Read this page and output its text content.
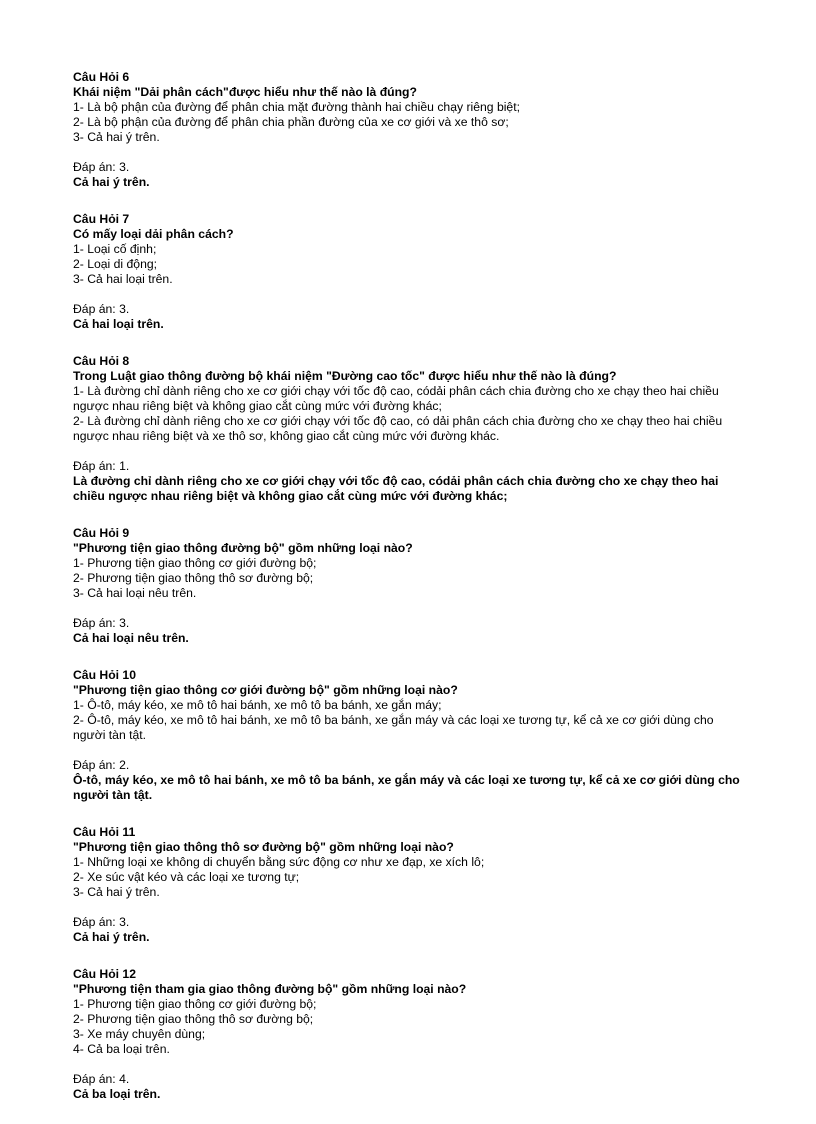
Câu Hỏi 6
Khái niệm "Dải phân cách"được hiểu như thế nào là đúng?
1- Là bộ phận của đường để phân chia mặt đường thành hai chiều chạy riêng biệt;
2- Là bộ phận của đường để phân chia phần đường của xe cơ giới và xe thô sơ;
3- Cả hai ý trên.
Đáp án: 3.
Cả hai ý trên.
Câu Hỏi 7
Có mấy loại dải phân cách?
1- Loại cố định;
2- Loại di động;
3- Cả hai loại trên.
Đáp án: 3.
Cả hai loại trên.
Câu Hỏi 8
Trong Luật giao thông đường bộ khái niệm "Đường cao tốc" được hiểu như thế nào là đúng?
1- Là đường chỉ dành riêng cho xe cơ giới chạy với tốc độ cao, códải phân cách chia đường cho xe chạy theo hai chiều ngược nhau riêng biệt và không giao cắt cùng mức với đường khác;
2- Là đường chỉ dành riêng cho xe cơ giới chạy với tốc độ cao, có dải phân cách chia đường cho xe chạy theo hai chiều ngược nhau riêng biệt và xe thô sơ, không giao cắt cùng mức với đường khác.
Đáp án: 1.
Là đường chỉ dành riêng cho xe cơ giới chạy với tốc độ cao, códải phân cách chia đường cho xe chạy theo hai chiều ngược nhau riêng biệt và không giao cắt cùng mức với đường khác;
Câu Hỏi 9
"Phương tiện giao thông đường bộ" gồm những loại nào?
1- Phương tiện giao thông cơ giới đường bộ;
2- Phương tiện giao thông thô sơ đường bộ;
3- Cả hai loại nêu trên.
Đáp án: 3.
Cả hai loại nêu trên.
Câu Hỏi 10
"Phương tiện giao thông cơ giới đường bộ" gồm những loại nào?
1- Ô-tô, máy kéo, xe mô tô hai bánh, xe mô tô ba bánh, xe gắn máy;
2- Ô-tô, máy kéo, xe mô tô hai bánh, xe mô tô ba bánh, xe gắn máy và các loại xe tương tự, kể cả xe cơ giới dùng cho người tàn tật.
Đáp án: 2.
Ô-tô, máy kéo, xe mô tô hai bánh, xe mô tô ba bánh, xe gắn máy và các loại xe tương tự, kể cả xe cơ giới dùng cho người tàn tật.
Câu Hỏi 11
"Phương tiện giao thông thô sơ đường bộ" gồm những loại nào?
1- Những loại xe không di chuyển bằng sức động cơ như xe đạp, xe xích lô;
2- Xe súc vật kéo và các loại xe tương tự;
3- Cả hai ý trên.
Đáp án: 3.
Cả hai ý trên.
Câu Hỏi 12
"Phương tiện tham gia giao thông đường bộ" gồm những loại nào?
1- Phương tiện giao thông cơ giới đường bộ;
2- Phương tiện giao thông thô sơ đường bộ;
3- Xe máy chuyên dùng;
4- Cả ba loại trên.
Đáp án: 4.
Cả ba loại trên.
